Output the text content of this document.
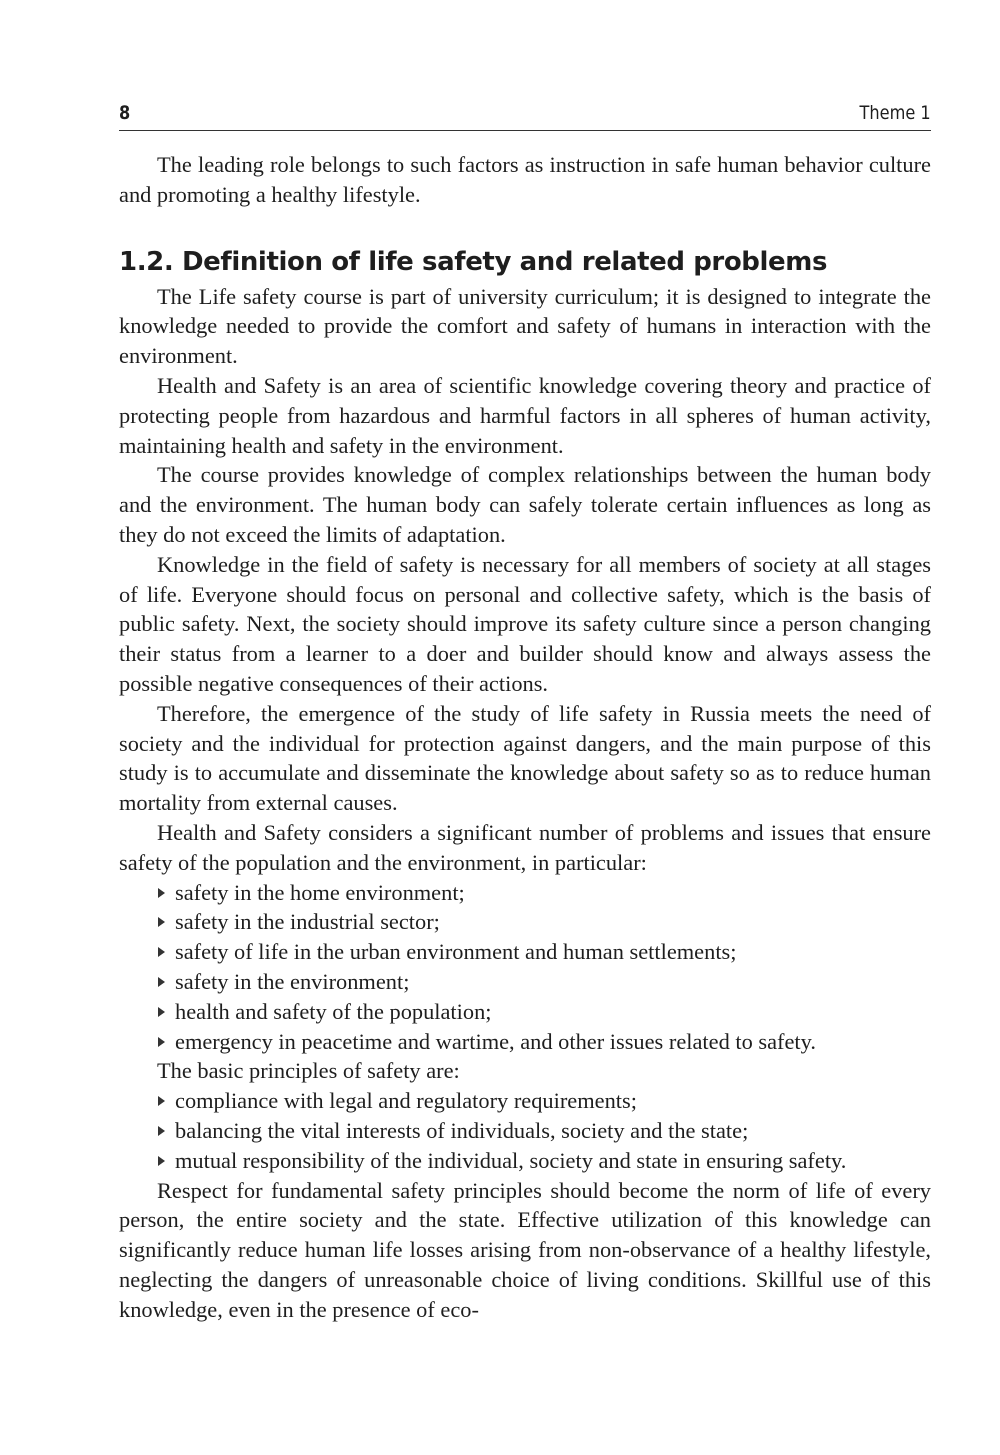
8	Theme 1

The leading role belongs to such factors as instruction in safe human behavior culture and promoting a healthy lifestyle.

1.2. Definition of life safety and related problems

The Life safety course is part of university curriculum; it is designed to integrate the knowledge needed to provide the comfort and safety of humans in interaction with the environment.

Health and Safety is an area of scientific knowledge covering theory and practice of protecting people from hazardous and harmful factors in all spheres of human activity, maintaining health and safety in the environment.

The course provides knowledge of complex relationships between the human body and the environment. The human body can safely tolerate certain influences as long as they do not exceed the limits of adaptation.

Knowledge in the field of safety is necessary for all members of society at all stages of life. Everyone should focus on personal and collective safety, which is the basis of public safety. Next, the society should improve its safety culture since a person changing their status from a learner to a doer and builder should know and always assess the possible negative consequences of their actions.

Therefore, the emergence of the study of life safety in Russia meets the need of society and the individual for protection against dangers, and the main purpose of this study is to accumulate and disseminate the knowledge about safety so as to reduce human mortality from external causes.

Health and Safety considers a significant number of problems and issues that ensure safety of the population and the environment, in particular:

safety in the home environment;
safety in the industrial sector;
safety of life in the urban environment and human settlements;
safety in the environment;
health and safety of the population;
emergency in peacetime and wartime, and other issues related to safety.

The basic principles of safety are:

compliance with legal and regulatory requirements;
balancing the vital interests of individuals, society and the state;
mutual responsibility of the individual, society and state in ensuring safety.

Respect for fundamental safety principles should become the norm of life of every person, the entire society and the state. Effective utilization of this knowledge can significantly reduce human life losses arising from non-observance of a healthy lifestyle, neglecting the dangers of unreasonable choice of living conditions. Skillful use of this knowledge, even in the presence of eco-
